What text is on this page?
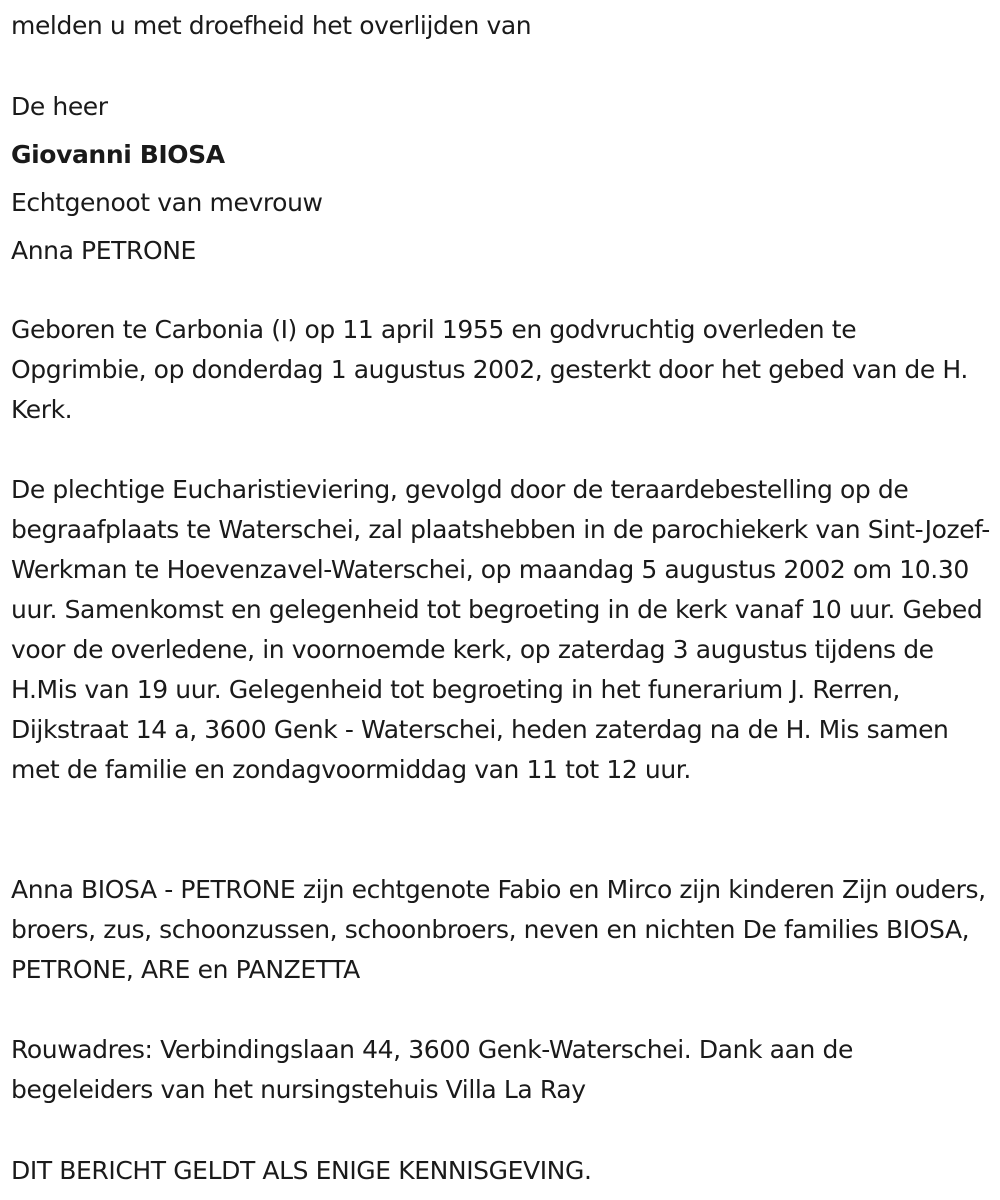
melden u met droefheid het overlijden van
De heer
Giovanni BIOSA
Echtgenoot van mevrouw
Anna PETRONE

Geboren te Carbonia (I) op 11 april 1955 en godvruchtig overleden te Opgrimbie, op donderdag 1 augustus 2002, gesterkt door het gebed van de H. Kerk.

De plechtige Eucharistieviering, gevolgd door de teraardebestelling op de begraafplaats te Waterschei, zal plaatshebben in de parochiekerk van Sint-Jozef-Werkman te Hoevenzavel-Waterschei, op maandag 5 augustus 2002 om 10.30 uur. Samenkomst en gelegenheid tot begroeting in de kerk vanaf 10 uur. Gebed voor de overledene, in voornoemde kerk, op zaterdag 3 augustus tijdens de H.Mis van 19 uur. Gelegenheid tot begroeting in het funerarium J. Rerren, Dijkstraat 14 a, 3600 Genk - Waterschei, heden zaterdag na de H. Mis samen met de familie en zondagvoormiddag van 11 tot 12 uur.

Anna BIOSA - PETRONE zijn echtgenote Fabio en Mirco zijn kinderen Zijn ouders, broers, zus, schoonzussen, schoonbroers, neven en nichten De families BIOSA, PETRONE, ARE en PANZETTA

Rouwadres: Verbindingslaan 44, 3600 Genk-Waterschei. Dank aan de begeleiders van het nursingstehuis Villa La Ray

DIT BERICHT GELDT ALS ENIGE KENNISGEVING.
